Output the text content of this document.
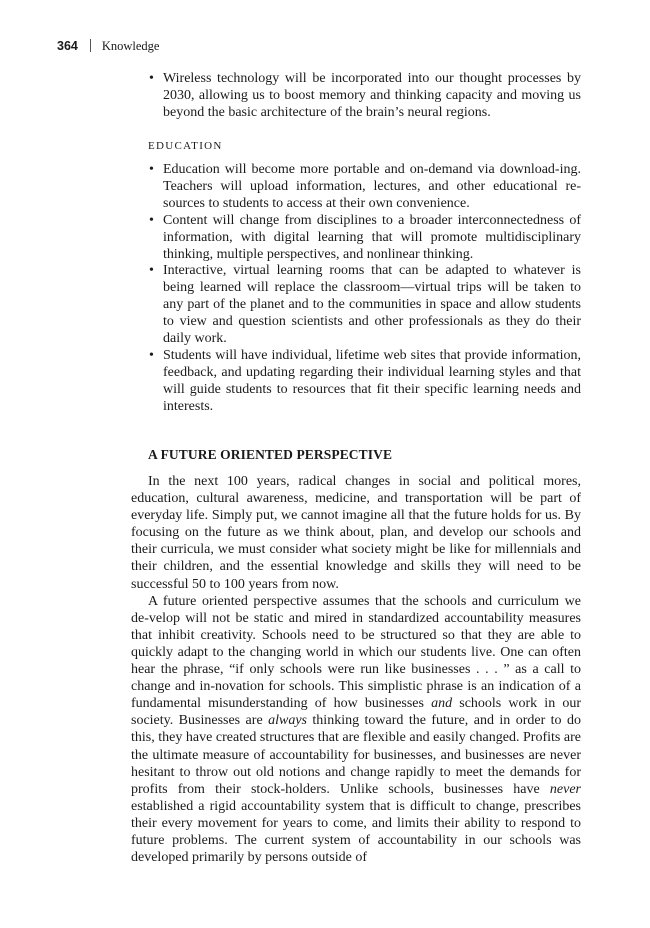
364 Knowledge
• Wireless technology will be incorporated into our thought processes by 2030, allowing us to boost memory and thinking capacity and moving us beyond the basic architecture of the brain’s neural regions.
EDUCATION
• Education will become more portable and on-demand via download-ing. Teachers will upload information, lectures, and other educational re-sources to students to access at their own convenience.
• Content will change from disciplines to a broader interconnectedness of information, with digital learning that will promote multidisciplinary thinking, multiple perspectives, and nonlinear thinking.
• Interactive, virtual learning rooms that can be adapted to whatever is being learned will replace the classroom—virtual trips will be taken to any part of the planet and to the communities in space and allow students to view and question scientists and other professionals as they do their daily work.
• Students will have individual, lifetime web sites that provide information, feedback, and updating regarding their individual learning styles and that will guide students to resources that fit their specific learning needs and interests.
A FUTURE ORIENTED PERSPECTIVE

In the next 100 years, radical changes in social and political mores, education, cultural awareness, medicine, and transportation will be part of everyday life. Simply put, we cannot imagine all that the future holds for us. By focusing on the future as we think about, plan, and develop our schools and their curricula, we must consider what society might be like for millennials and their children, and the essential knowledge and skills they will need to be successful 50 to 100 years from now.

A future oriented perspective assumes that the schools and curriculum we de-velop will not be static and mired in standardized accountability measures that inhibit creativity. Schools need to be structured so that they are able to quickly adapt to the changing world in which our students live. One can often hear the phrase, “if only schools were run like businesses . . . ” as a call to change and in-novation for schools. This simplistic phrase is an indication of a fundamental misunderstanding of how businesses and schools work in our society. Businesses are always thinking toward the future, and in order to do this, they have created structures that are flexible and easily changed. Profits are the ultimate measure of accountability for businesses, and businesses are never hesitant to throw out old notions and change rapidly to meet the demands for profits from their stock-holders. Unlike schools, businesses have never established a rigid accountability system that is difficult to change, prescribes their every movement for years to come, and limits their ability to respond to future problems. The current system of accountability in our schools was developed primarily by persons outside of
